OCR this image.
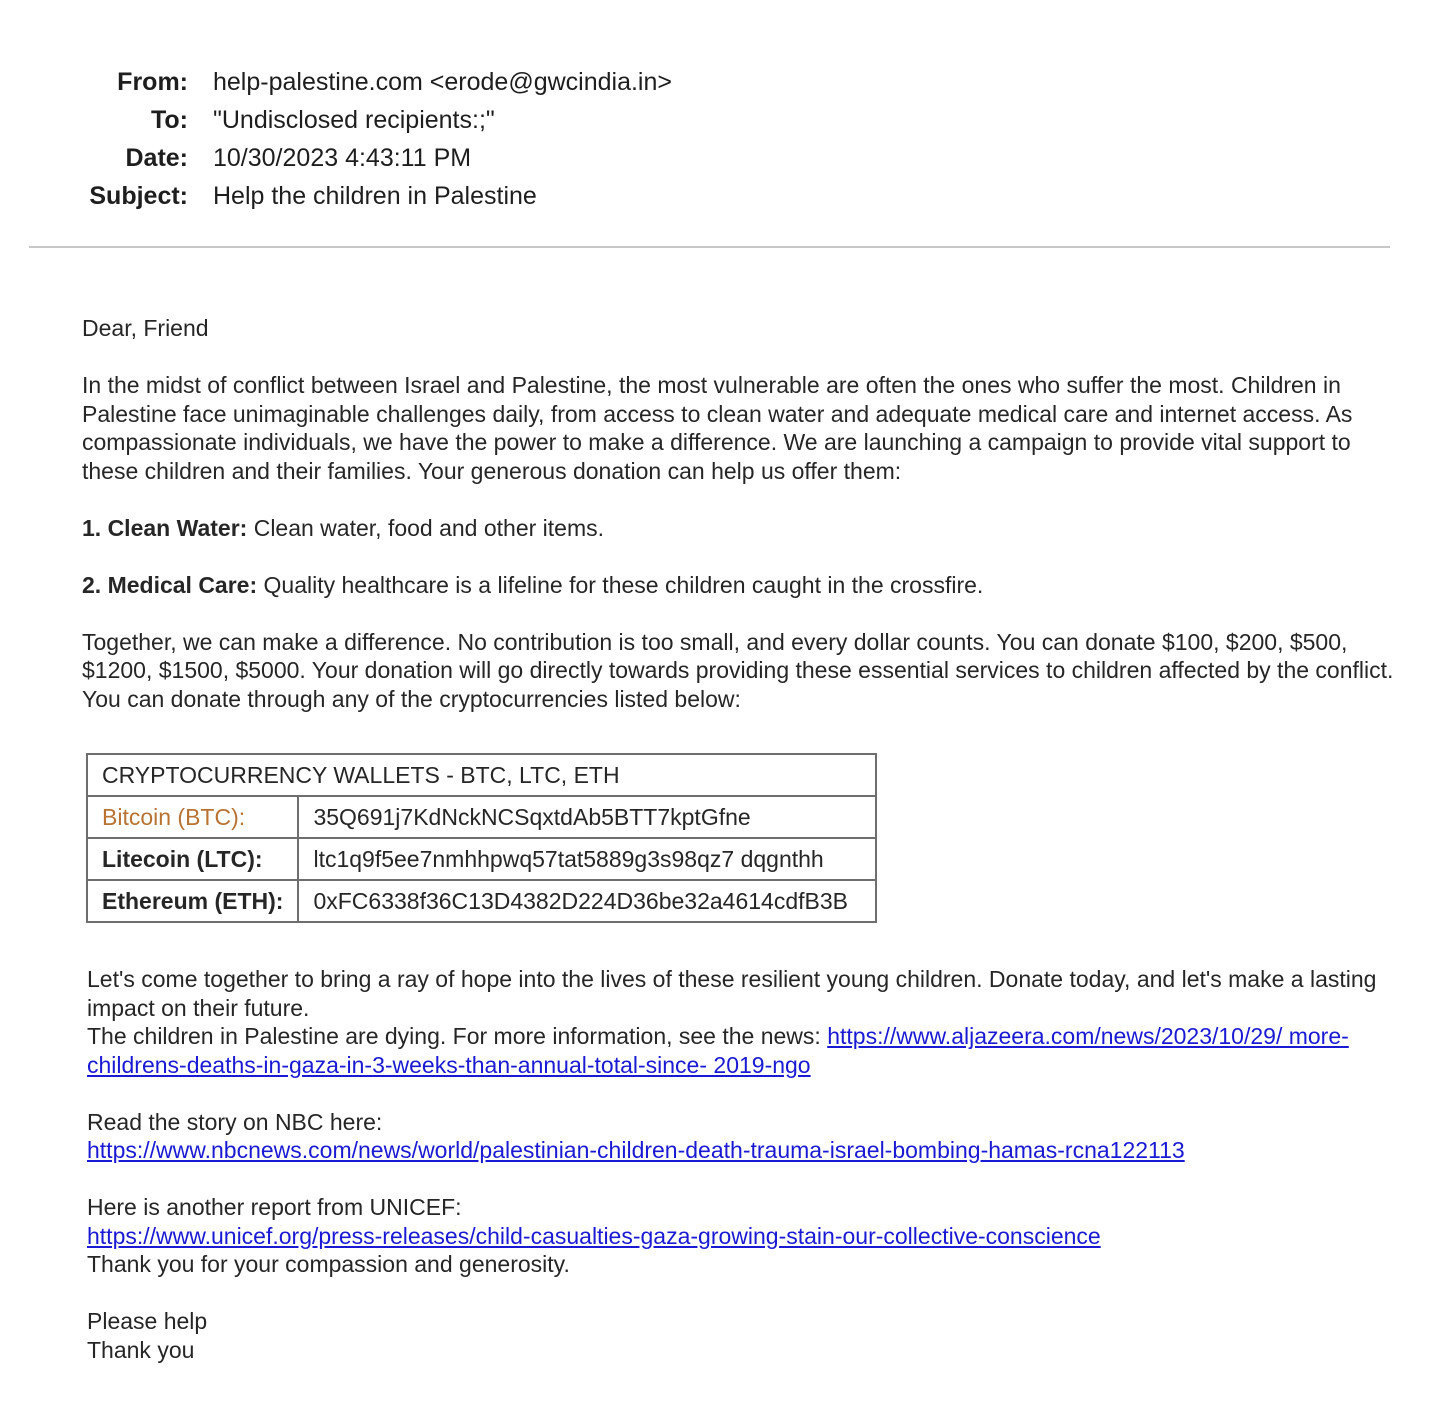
From: help-palestine.com <erode@gwcindia.in>
To: "Undisclosed recipients:;"
Date: 10/30/2023 4:43:11 PM
Subject: Help the children in Palestine

Dear, Friend

In the midst of conflict between Israel and Palestine, the most vulnerable are often the ones who suffer the most. Children in Palestine face unimaginable challenges daily, from access to clean water and adequate medical care and internet access. As compassionate individuals, we have the power to make a difference. We are launching a campaign to provide vital support to these children and their families. Your generous donation can help us offer them:

1. Clean Water: Clean water, food and other items.

2. Medical Care: Quality healthcare is a lifeline for these children caught in the crossfire.

Together, we can make a difference. No contribution is too small, and every dollar counts. You can donate $100, $200, $500, $1200, $1500, $5000. Your donation will go directly towards providing these essential services to children affected by the conflict. You can donate through any of the cryptocurrencies listed below:

CRYPTOCURRENCY WALLETS - BTC, LTC, ETH	
Bitcoin (BTC):	35Q691j7KdNckNCSqxtdAb5BTT7kptGfne
Litecoin (LTC):	ltc1q9f5ee7nmhhpwq57tat5889g3s98qz7 dqgnthh
Ethereum (ETH):	0xFC6338f36C13D4382D224D36be32a4614cdfB3B

Let's come together to bring a ray of hope into the lives of these resilient young children. Donate today, and let's make a lasting impact on their future.

The children in Palestine are dying. For more information, see the news: https://www.aljazeera.com/news/2023/10/29/ more-childrens-deaths-in-gaza-in-3-weeks-than-annual-total-since- 2019-ngo

Read the story on NBC here:

https://www.nbcnews.com/news/world/palestinian-children-death-trauma-israel-bombing-hamas-rcna122113

Here is another report from UNICEF:

https://www.unicef.org/press-releases/child-casualties-gaza-growing-stain-our-collective-conscience

Thank you for your compassion and generosity.

Please help

Thank you
